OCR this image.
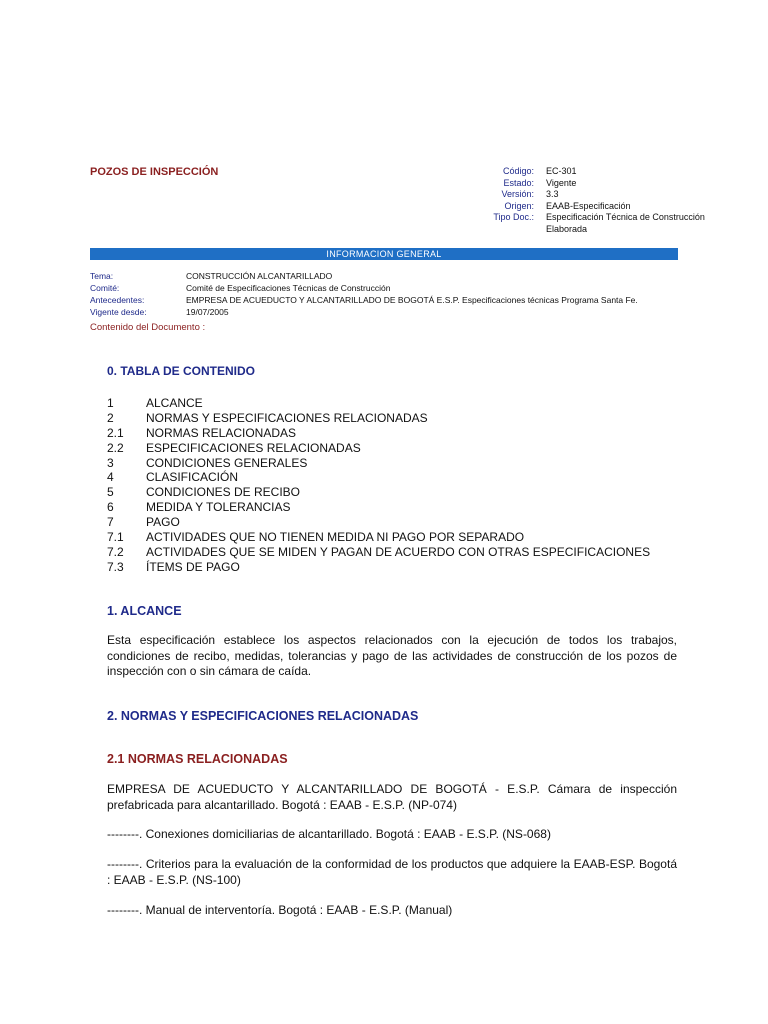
POZOS DE INSPECCIÓN	Código:	EC-301
Estado:	Vigente
Versión:	3.3
Origen:	EAAB-Especificación
Tipo Doc.:	Especificación Técnica de Construcción
Elaborada
INFORMACION GENERAL
Tema:	CONSTRUCCIÓN ALCANTARILLADO
Comité:	Comité de Especificaciones Técnicas de Construcción
Antecedentes:	EMPRESA DE ACUEDUCTO Y ALCANTARILLADO DE BOGOTÁ E.S.P. Especificaciones técnicas Programa Santa Fe.
Vigente desde:	19/07/2005
Contenido del Documento :
0. TABLA DE CONTENIDO
1	ALCANCE
2	NORMAS Y ESPECIFICACIONES RELACIONADAS
2.1	NORMAS RELACIONADAS
2.2	ESPECIFICACIONES RELACIONADAS
3	CONDICIONES GENERALES
4	CLASIFICACIÓN
5	CONDICIONES DE RECIBO
6	MEDIDA Y TOLERANCIAS
7	PAGO
7.1	ACTIVIDADES QUE NO TIENEN MEDIDA NI PAGO POR SEPARADO
7.2	ACTIVIDADES QUE SE MIDEN Y PAGAN DE ACUERDO CON OTRAS ESPECIFICACIONES
7.3	ÍTEMS DE PAGO
1. ALCANCE
Esta especificación establece los aspectos relacionados con la ejecución de todos los trabajos, condiciones de recibo, medidas, tolerancias y pago de las actividades de construcción de los pozos de inspección con o sin cámara de caída.
2. NORMAS Y ESPECIFICACIONES RELACIONADAS
2.1 NORMAS RELACIONADAS
EMPRESA DE ACUEDUCTO Y ALCANTARILLADO DE BOGOTÁ - E.S.P. Cámara de inspección prefabricada para alcantarillado. Bogotá : EAAB - E.S.P. (NP-074)
--------. Conexiones domiciliarias de alcantarillado. Bogotá : EAAB - E.S.P. (NS-068)
--------. Criterios para la evaluación de la conformidad de los productos que adquiere la EAAB-ESP. Bogotá : EAAB - E.S.P. (NS-100)
--------. Manual de interventoría. Bogotá : EAAB - E.S.P. (Manual)
